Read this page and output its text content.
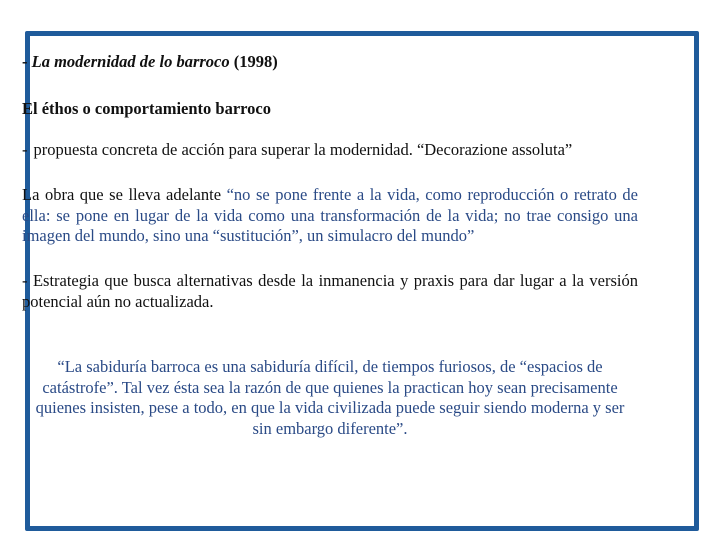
- La modernidad de lo barroco (1998)

El éthos o comportamiento barroco

- propuesta concreta de acción para superar la modernidad. “Decorazione assoluta”

La obra que se lleva adelante “no se pone frente a la vida, como reproducción o retrato de ella: se pone en lugar de la vida como una transformación de la vida; no trae consigo una imagen del mundo, sino una “sustitución”, un simulacro del mundo”

- Estrategia que busca alternativas desde la inmanencia y praxis para dar lugar a la versión potencial aún no actualizada.

“La sabiduría barroca es una sabiduría difícil, de tiempos furiosos, de “espacios de catástrofe”. Tal vez ésta sea la razón de que quienes la practican hoy sean precisamente quienes insisten, pese a todo, en que la vida civilizada puede seguir siendo moderna y ser sin embargo diferente”.
